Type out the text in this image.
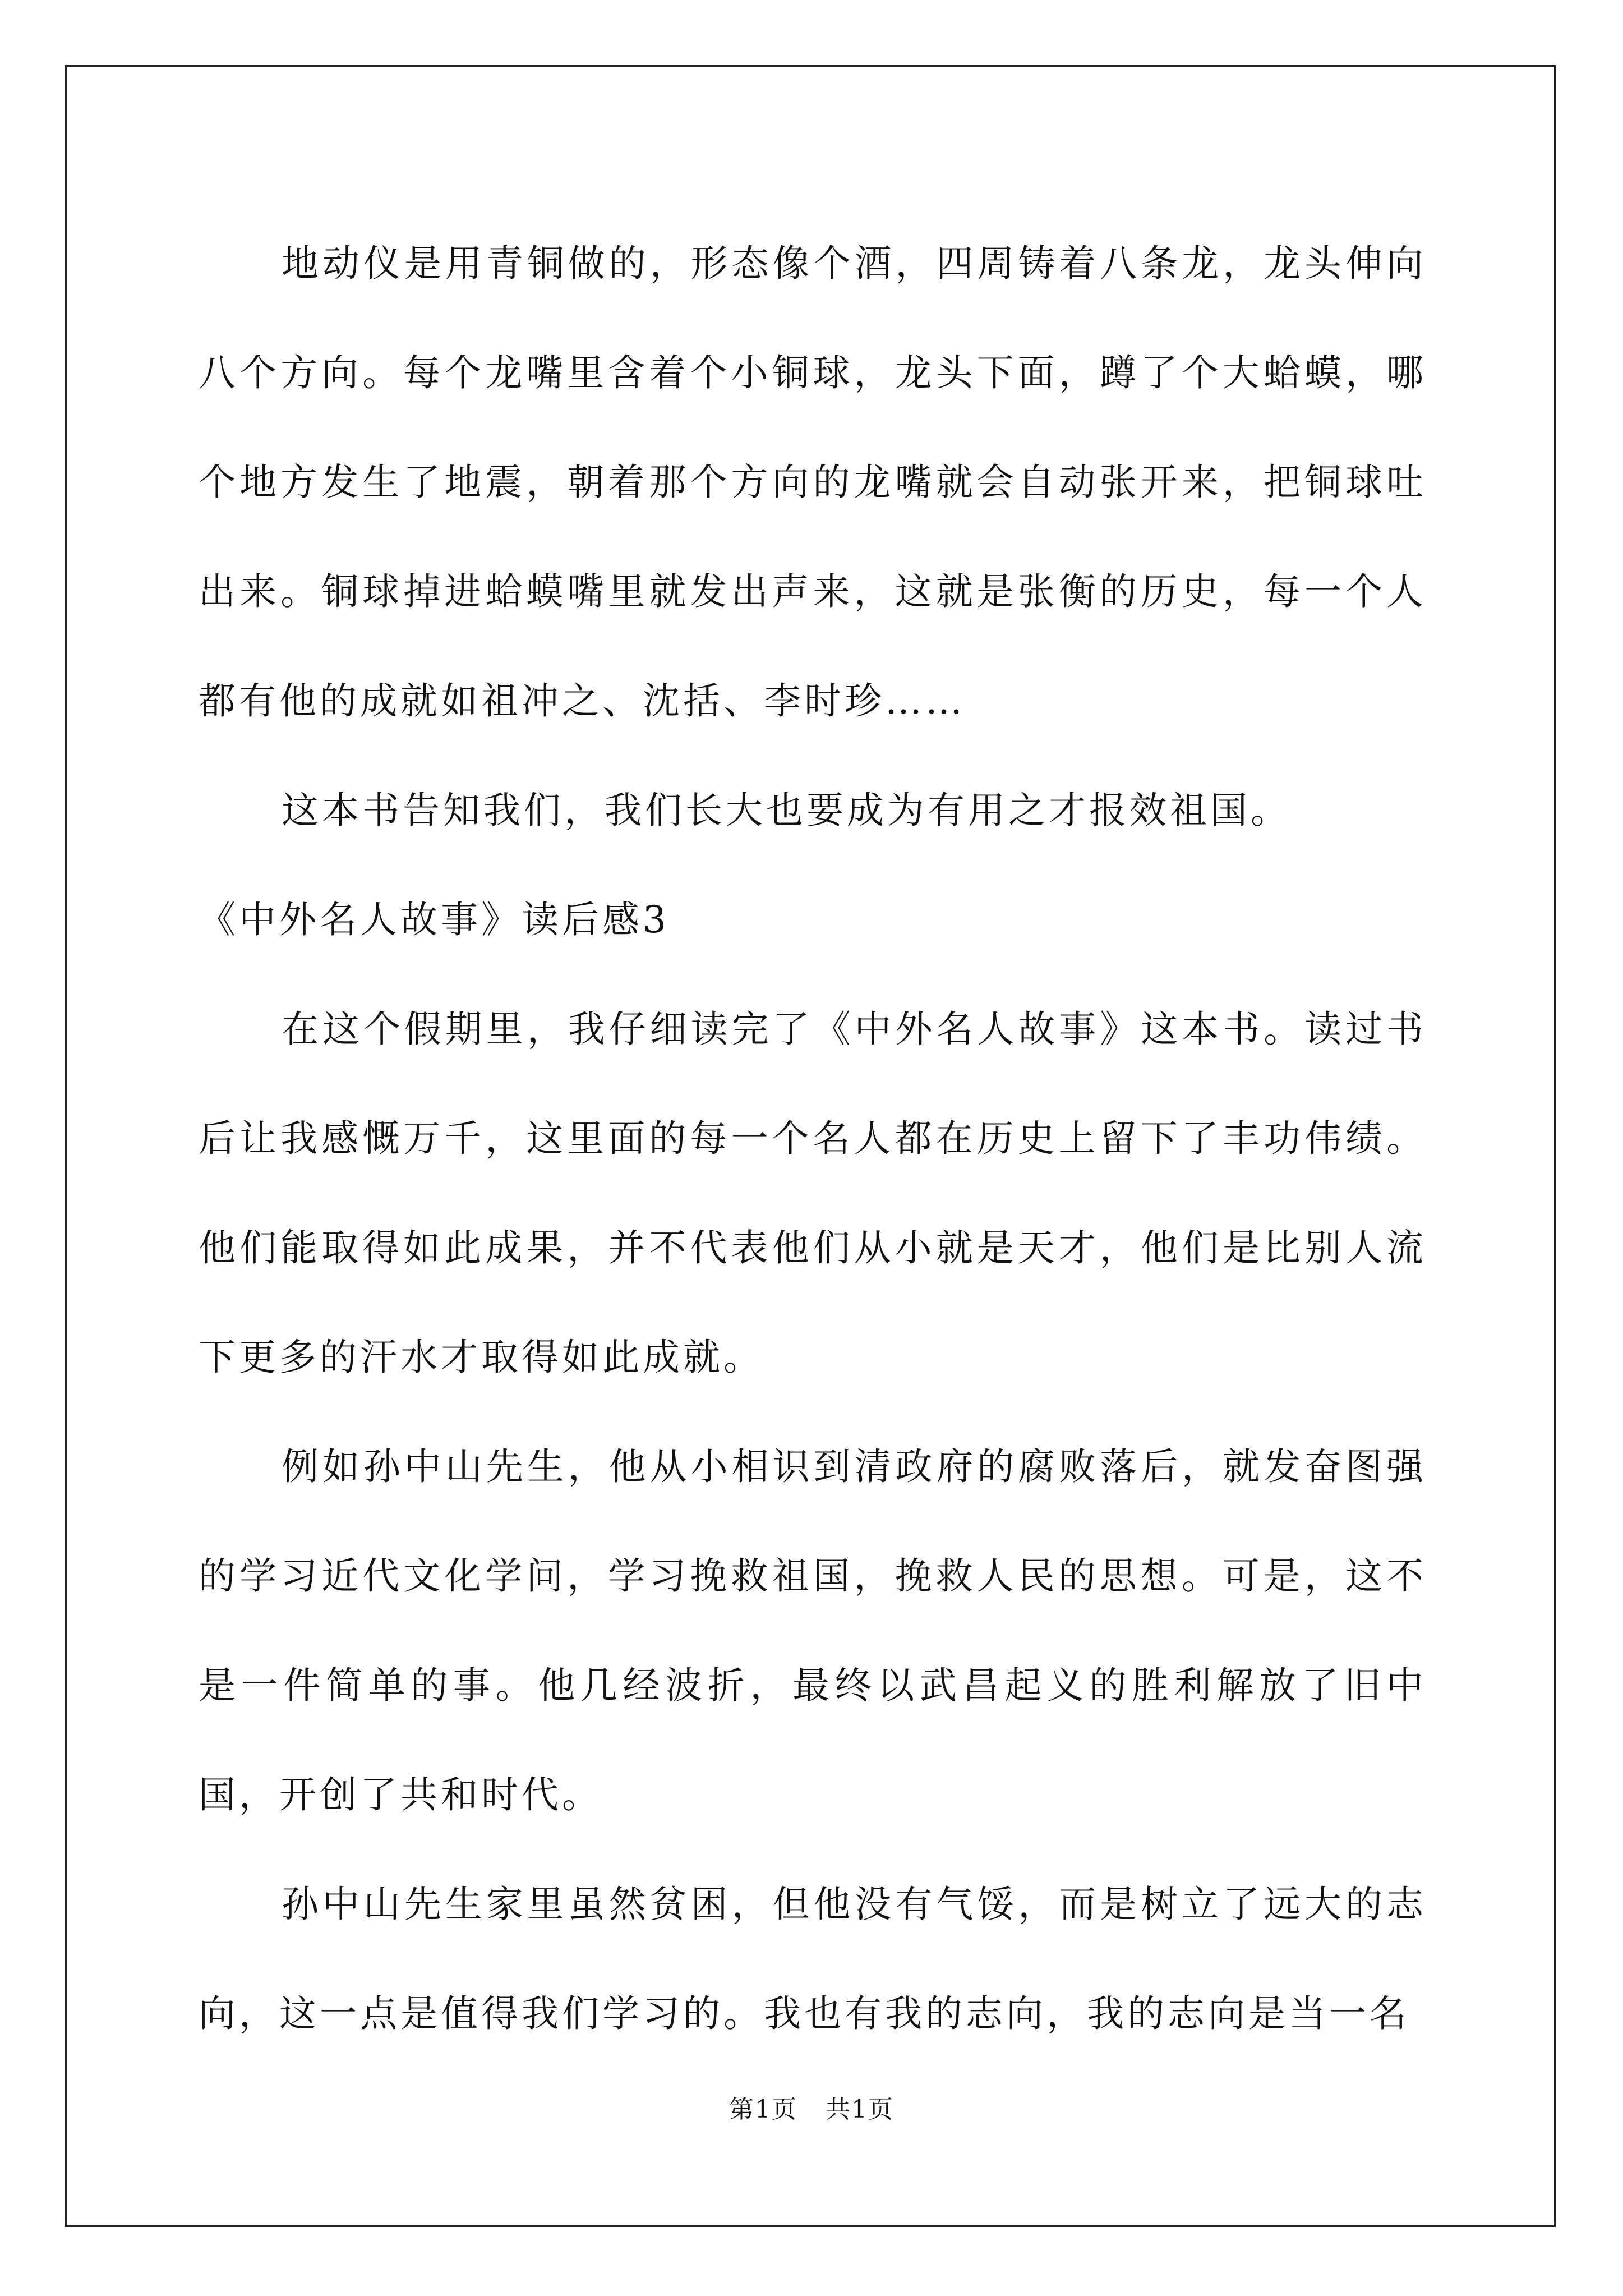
地动仪是用青铜做的，形态像个酒，四周铸着八条龙，龙头伸向八个方向。每个龙嘴里含着个小铜球，龙头下面，蹲了个大蛤蟆，哪个地方发生了地震，朝着那个方向的龙嘴就会自动张开来，把铜球吐出来。铜球掉进蛤蟆嘴里就发出声来，这就是张衡的历史，每一个人都有他的成就如祖冲之、沈括、李时珍……

这本书告知我们，我们长大也要成为有用之才报效祖国。

《中外名人故事》读后感3

在这个假期里，我仔细读完了《中外名人故事》这本书。读过书后让我感慨万千，这里面的每一个名人都在历史上留下了丰功伟绩。他们能取得如此成果，并不代表他们从小就是天才，他们是比别人流下更多的汗水才取得如此成就。

例如孙中山先生，他从小相识到清政府的腐败落后，就发奋图强的学习近代文化学问，学习挽救祖国，挽救人民的思想。可是，这不是一件简单的事。他几经波折，最终以武昌起义的胜利解放了旧中国，开创了共和时代。

孙中山先生家里虽然贫困，但他没有气馁，而是树立了远大的志向，这一点是值得我们学习的。我也有我的志向，我的志向是当一名

第1页 共1页
